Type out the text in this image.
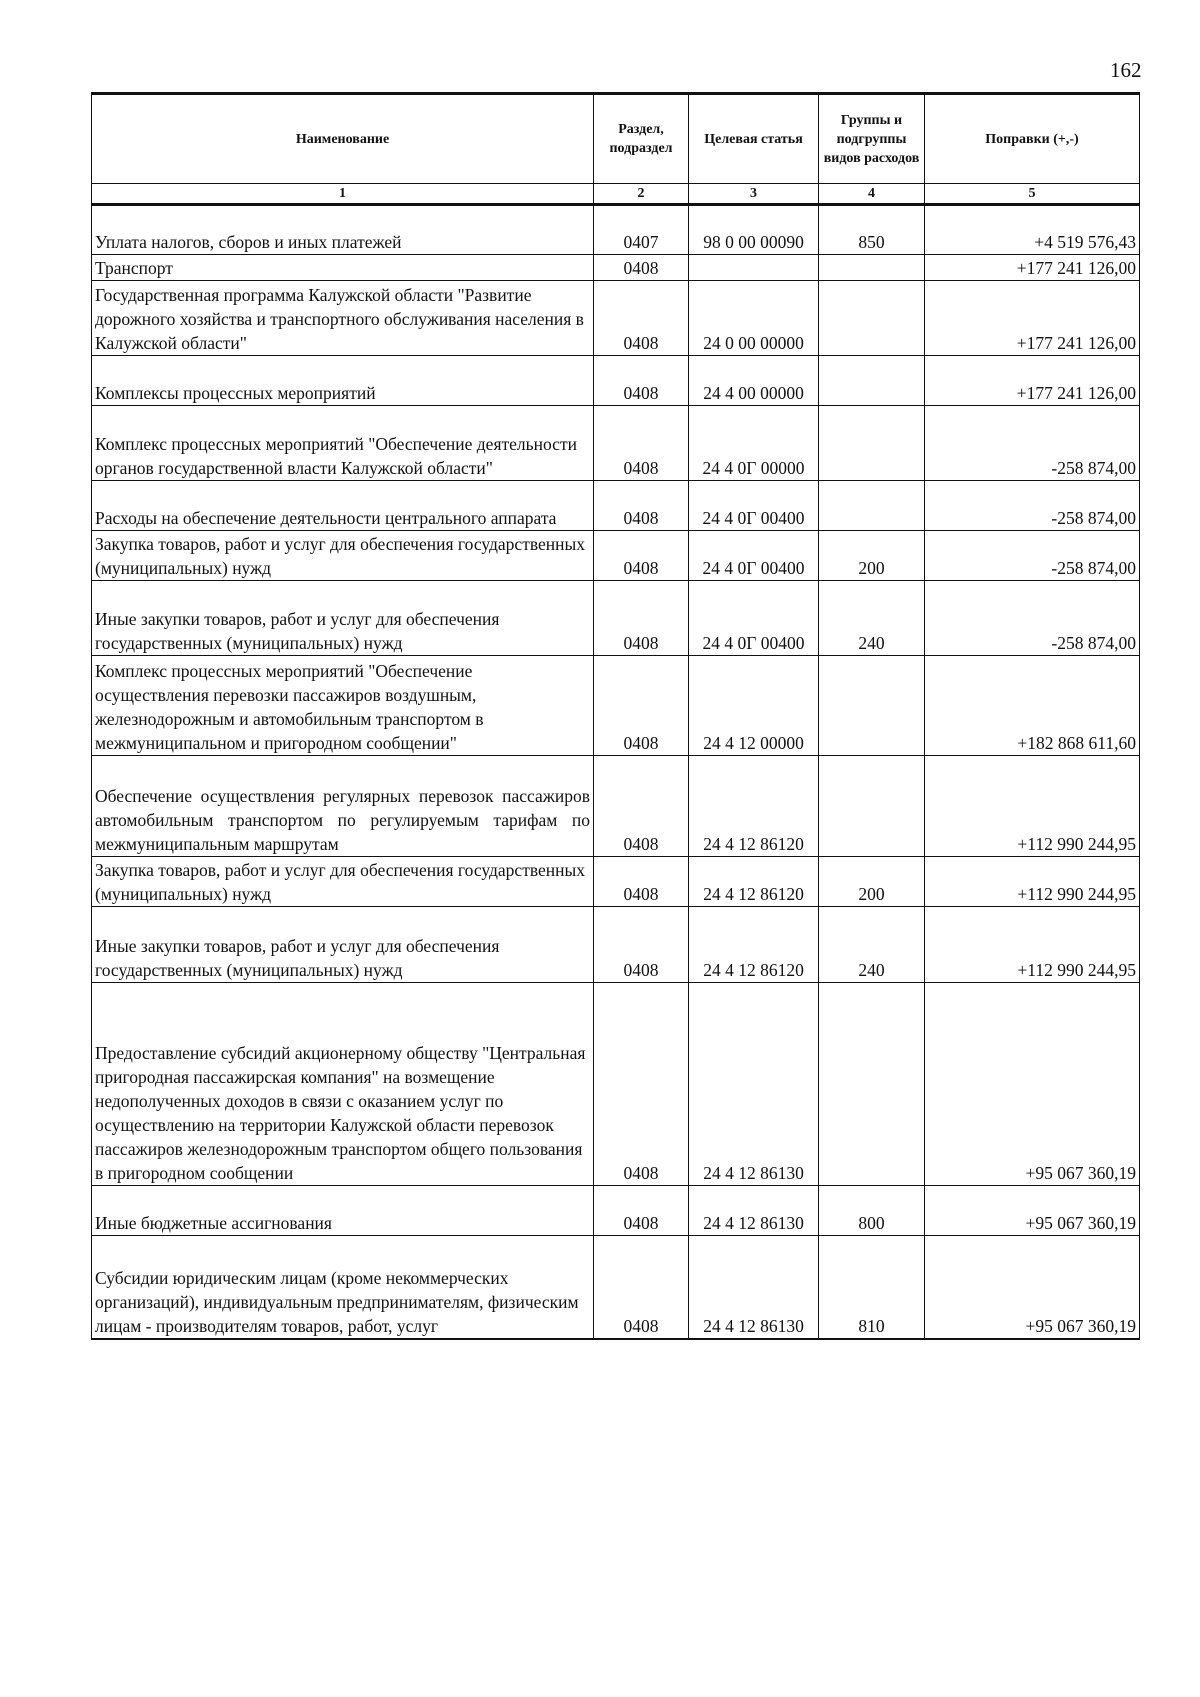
162
Наименование	Раздел, подраздел	Целевая статья	Группы и подгруппы видов расходов	Поправки (+,-)
1	2	3	4	5
Уплата налогов, сборов и иных платежей	0407	98 0 00 00090	850	+4 519 576,43
Транспорт	0408			+177 241 126,00
Государственная программа Калужской области "Развитие дорожного хозяйства и транспортного обслуживания населения в Калужской области"	0408	24 0 00 00000		+177 241 126,00
Комплексы процессных мероприятий	0408	24 4 00 00000		+177 241 126,00
Комплекс процессных мероприятий "Обеспечение деятельности органов государственной власти Калужской области"	0408	24 4 0Г 00000		-258 874,00
Расходы на обеспечение деятельности центрального аппарата	0408	24 4 0Г 00400		-258 874,00
Закупка товаров, работ и услуг для обеспечения государственных (муниципальных) нужд	0408	24 4 0Г 00400	200	-258 874,00
Иные закупки товаров, работ и услуг для обеспечения государственных (муниципальных) нужд	0408	24 4 0Г 00400	240	-258 874,00
Комплекс процессных мероприятий "Обеспечение осуществления перевозки пассажиров воздушным, железнодорожным и автомобильным транспортом в межмуниципальном и пригородном сообщении"	0408	24 4 12 00000		+182 868 611,60
Обеспечение осуществления регулярных перевозок пассажиров автомобильным транспортом по регулируемым тарифам по межмуниципальным маршрутам	0408	24 4 12 86120		+112 990 244,95
Закупка товаров, работ и услуг для обеспечения государственных (муниципальных) нужд	0408	24 4 12 86120	200	+112 990 244,95
Иные закупки товаров, работ и услуг для обеспечения государственных (муниципальных) нужд	0408	24 4 12 86120	240	+112 990 244,95
Предоставление субсидий акционерному обществу "Центральная пригородная пассажирская компания" на возмещение недополученных доходов в связи с оказанием услуг по осуществлению на территории Калужской области перевозок пассажиров железнодорожным транспортом общего пользования в пригородном сообщении	0408	24 4 12 86130		+95 067 360,19
Иные бюджетные ассигнования	0408	24 4 12 86130	800	+95 067 360,19
Субсидии юридическим лицам (кроме некоммерческих организаций), индивидуальным предпринимателям, физическим лицам - производителям товаров, работ, услуг	0408	24 4 12 86130	810	+95 067 360,19
